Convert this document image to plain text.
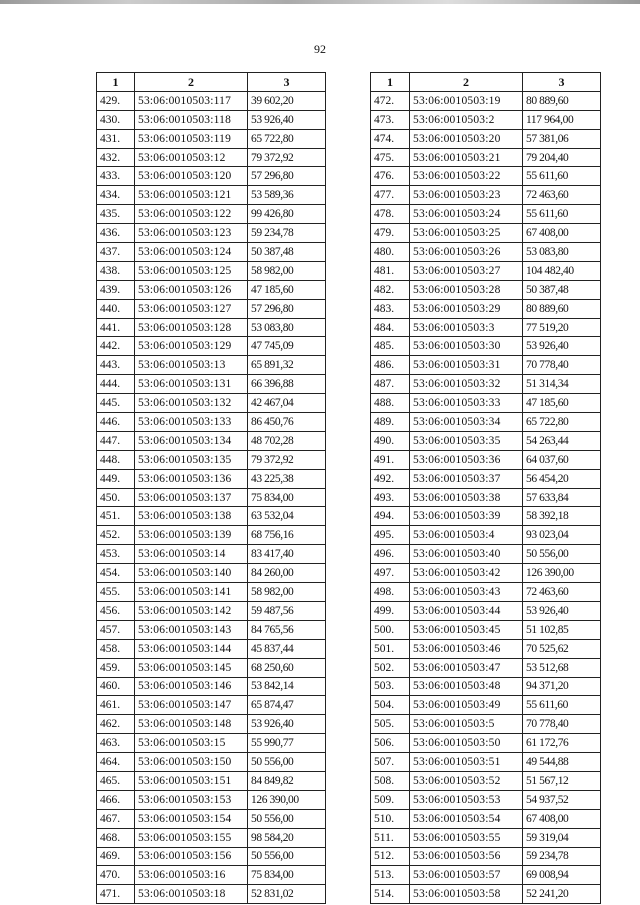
92
1	2	3
429.	53:06:0010503:117	39 602,20
430.	53:06:0010503:118	53 926,40
431.	53:06:0010503:119	65 722,80
432.	53:06:0010503:12	79 372,92
433.	53:06:0010503:120	57 296,80
434.	53:06:0010503:121	53 589,36
435.	53:06:0010503:122	99 426,80
436.	53:06:0010503:123	59 234,78
437.	53:06:0010503:124	50 387,48
438.	53:06:0010503:125	58 982,00
439.	53:06:0010503:126	47 185,60
440.	53:06:0010503:127	57 296,80
441.	53:06:0010503:128	53 083,80
442.	53:06:0010503:129	47 745,09
443.	53:06:0010503:13	65 891,32
444.	53:06:0010503:131	66 396,88
445.	53:06:0010503:132	42 467,04
446.	53:06:0010503:133	86 450,76
447.	53:06:0010503:134	48 702,28
448.	53:06:0010503:135	79 372,92
449.	53:06:0010503:136	43 225,38
450.	53:06:0010503:137	75 834,00
451.	53:06:0010503:138	63 532,04
452.	53:06:0010503:139	68 756,16
453.	53:06:0010503:14	83 417,40
454.	53:06:0010503:140	84 260,00
455.	53:06:0010503:141	58 982,00
456.	53:06:0010503:142	59 487,56
457.	53:06:0010503:143	84 765,56
458.	53:06:0010503:144	45 837,44
459.	53:06:0010503:145	68 250,60
460.	53:06:0010503:146	53 842,14
461.	53:06:0010503:147	65 874,47
462.	53:06:0010503:148	53 926,40
463.	53:06:0010503:15	55 990,77
464.	53:06:0010503:150	50 556,00
465.	53:06:0010503:151	84 849,82
466.	53:06:0010503:153	126 390,00
467.	53:06:0010503:154	50 556,00
468.	53:06:0010503:155	98 584,20
469.	53:06:0010503:156	50 556,00
470.	53:06:0010503:16	75 834,00
471.	53:06:0010503:18	52 831,02
1	2	3
472.	53:06:0010503:19	80 889,60
473.	53:06:0010503:2	117 964,00
474.	53:06:0010503:20	57 381,06
475.	53:06:0010503:21	79 204,40
476.	53:06:0010503:22	55 611,60
477.	53:06:0010503:23	72 463,60
478.	53:06:0010503:24	55 611,60
479.	53:06:0010503:25	67 408,00
480.	53:06:0010503:26	53 083,80
481.	53:06:0010503:27	104 482,40
482.	53:06:0010503:28	50 387,48
483.	53:06:0010503:29	80 889,60
484.	53:06:0010503:3	77 519,20
485.	53:06:0010503:30	53 926,40
486.	53:06:0010503:31	70 778,40
487.	53:06:0010503:32	51 314,34
488.	53:06:0010503:33	47 185,60
489.	53:06:0010503:34	65 722,80
490.	53:06:0010503:35	54 263,44
491.	53:06:0010503:36	64 037,60
492.	53:06:0010503:37	56 454,20
493.	53:06:0010503:38	57 633,84
494.	53:06:0010503:39	58 392,18
495.	53:06:0010503:4	93 023,04
496.	53:06:0010503:40	50 556,00
497.	53:06:0010503:42	126 390,00
498.	53:06:0010503:43	72 463,60
499.	53:06:0010503:44	53 926,40
500.	53:06:0010503:45	51 102,85
501.	53:06:0010503:46	70 525,62
502.	53:06:0010503:47	53 512,68
503.	53:06:0010503:48	94 371,20
504.	53:06:0010503:49	55 611,60
505.	53:06:0010503:5	70 778,40
506.	53:06:0010503:50	61 172,76
507.	53:06:0010503:51	49 544,88
508.	53:06:0010503:52	51 567,12
509.	53:06:0010503:53	54 937,52
510.	53:06:0010503:54	67 408,00
511.	53:06:0010503:55	59 319,04
512.	53:06:0010503:56	59 234,78
513.	53:06:0010503:57	69 008,94
514.	53:06:0010503:58	52 241,20
